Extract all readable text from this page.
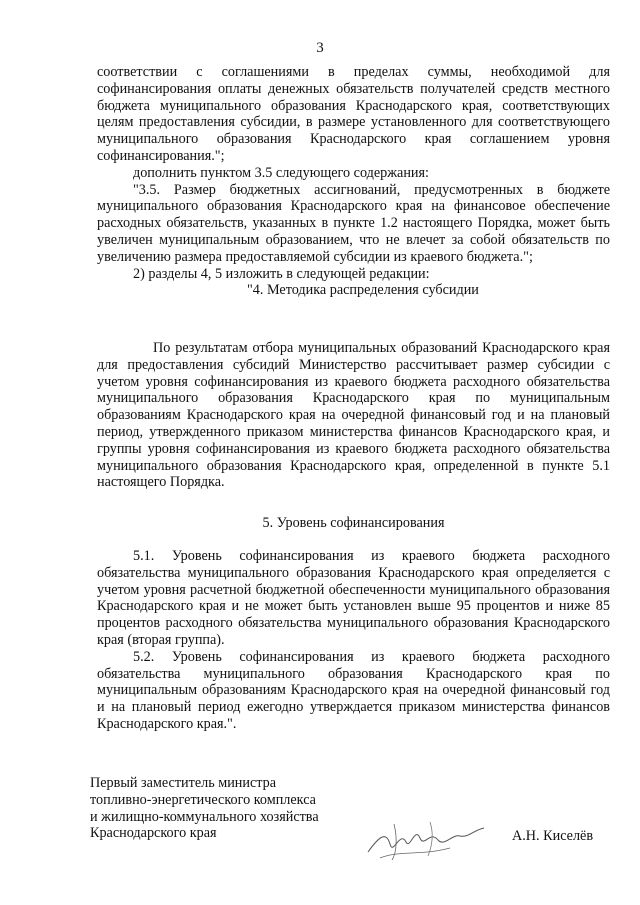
3

соответствии с соглашениями в пределах суммы, необходимой для софинансирования оплаты денежных обязательств получателей средств местного бюджета муниципального образования Краснодарского края, соответствующих целям предоставления субсидии, в размере установленного для соответствующего муниципального образования Краснодарского края соглашением уровня софинансирования.";

дополнить пунктом 3.5 следующего содержания:

"3.5. Размер бюджетных ассигнований, предусмотренных в бюджете муниципального образования Краснодарского края на финансовое обеспечение расходных обязательств, указанных в пункте 1.2 настоящего Порядка, может быть увеличен муниципальным образованием, что не влечет за собой обязательств по увеличению размера предоставляемой субсидии из краевого бюджета.";

2) разделы 4, 5 изложить в следующей редакции:

"4. Методика распределения субсидии

По результатам отбора муниципальных образований Краснодарского края для предоставления субсидий Министерство рассчитывает размер субсидии с учетом уровня софинансирования из краевого бюджета расходного обязательства муниципального образования Краснодарского края по муниципальным образованиям Краснодарского края на очередной финансовый год и на плановый период, утвержденного приказом министерства финансов Краснодарского края, и группы уровня софинансирования из краевого бюджета расходного обязательства муниципального образования Краснодарского края, определенной в пункте 5.1 настоящего Порядка.

5. Уровень софинансирования

5.1. Уровень софинансирования из краевого бюджета расходного обязательства муниципального образования Краснодарского края определяется с учетом уровня расчетной бюджетной обеспеченности муниципального образования Краснодарского края и не может быть установлен выше 95 процентов и ниже 85 процентов расходного обязательства муниципального образования Краснодарского края (вторая группа).

5.2. Уровень софинансирования из краевого бюджета расходного обязательства муниципального образования Краснодарского края по муниципальным образованиям Краснодарского края на очередной финансовый год и на плановый период ежегодно утверждается приказом министерства финансов Краснодарского края.".

Первый заместитель министра
топливно-энергетического комплекса
и жилищно-коммунального хозяйства
Краснодарского края	А.Н. Киселёв
